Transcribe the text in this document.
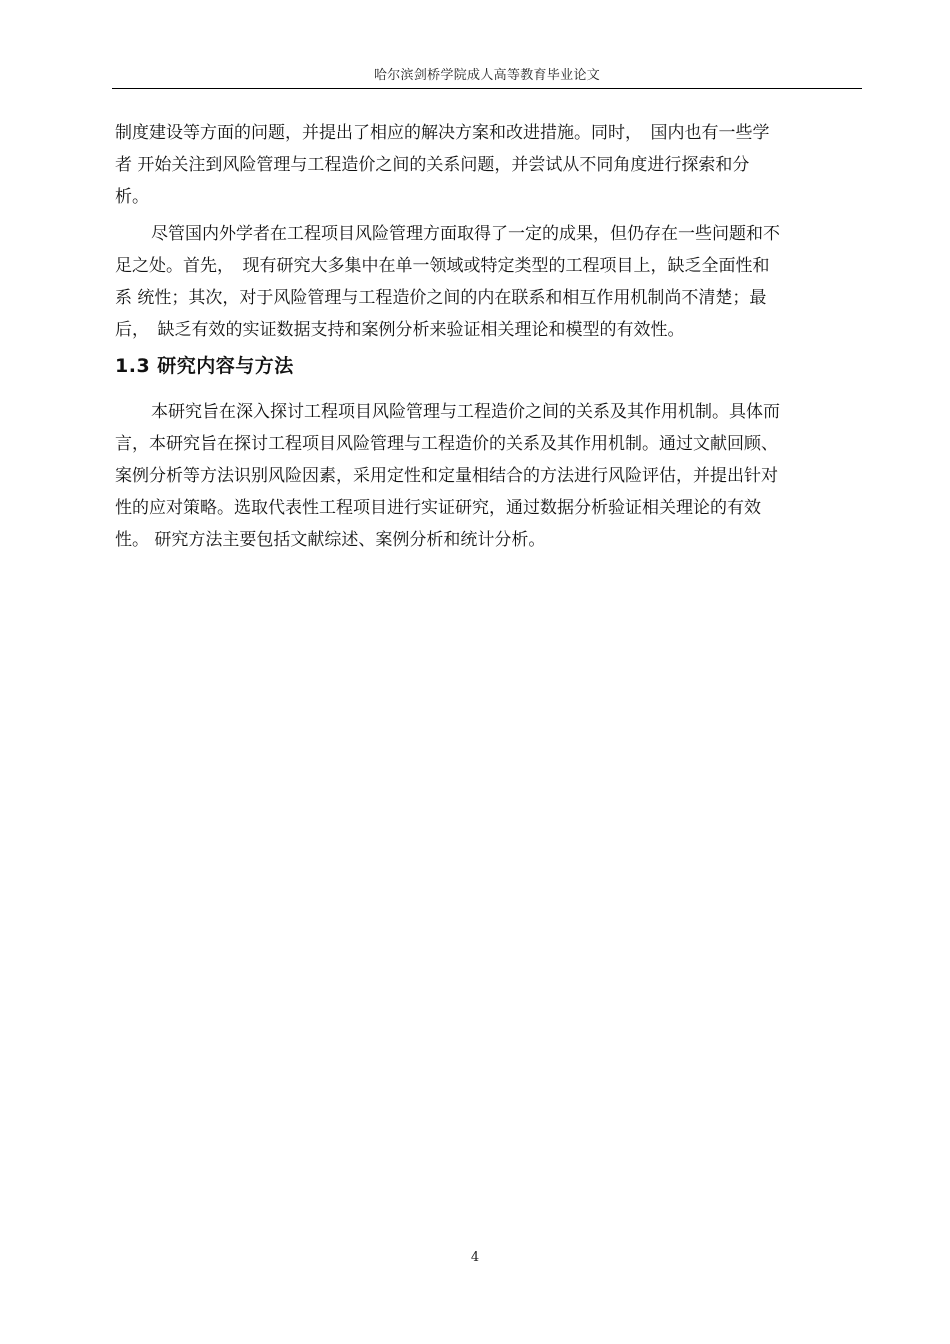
哈尔滨剑桥学院成人高等教育毕业论文
制度建设等方面的问题，并提出了相应的解决方案和改进措施。同时，　国内也有一些学
者 开始关注到风险管理与工程造价之间的关系问题，并尝试从不同角度进行探索和分
析。
尽管国内外学者在工程项目风险管理方面取得了一定的成果，但仍存在一些问题和不
足之处。首先，　现有研究大多集中在单一领域或特定类型的工程项目上，缺乏全面性和
系 统性；其次，对于风险管理与工程造价之间的内在联系和相互作用机制尚不清楚；最
后，　缺乏有效的实证数据支持和案例分析来验证相关理论和模型的有效性。
1.3 研究内容与方法
本研究旨在深入探讨工程项目风险管理与工程造价之间的关系及其作用机制。具体而
言，本研究旨在探讨工程项目风险管理与工程造价的关系及其作用机制。通过文献回顾、
案例分析等方法识别风险因素，采用定性和定量相结合的方法进行风险评估，并提出针对
性的应对策略。选取代表性工程项目进行实证研究，通过数据分析验证相关理论的有效
性。 研究方法主要包括文献综述、案例分析和统计分析。
4
